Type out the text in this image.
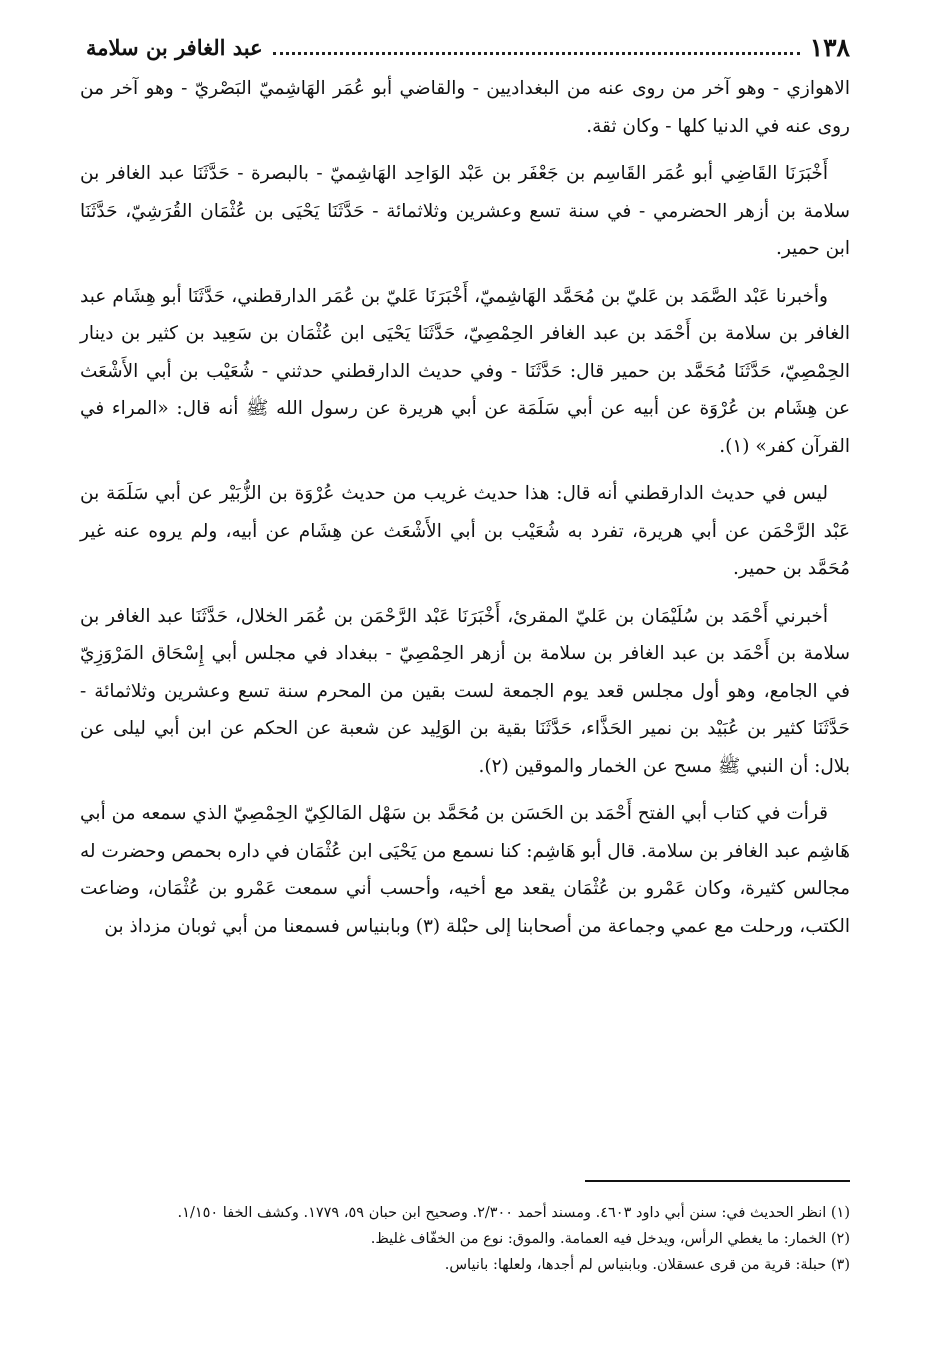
١٣٨
عبد الغافر بن سلامة

الاهوازي - وهو آخر من روى عنه من البغداديين - والقاضي أبو عُمَر الهَاشِميّ البَصْريّ - وهو آخر من روى عنه في الدنيا كلها - وكان ثقة.

أَخْبَرَنَا القَاضِي أبو عُمَر القَاسِم بن جَعْفَر بن عَبْد الوَاحِد الهَاشِميّ - بالبصرة - حَدَّثَنَا عبد الغافر بن سلامة بن أزهر الحضرمي - في سنة تسع وعشرين وثلاثمائة - حَدَّثَنَا يَحْيَى بن عُثْمَان القُرَشِيّ، حَدَّثَنَا ابن حمير.

وأخبرنا عَبْد الصَّمَد بن عَليّ بن مُحَمَّد الهَاشِميّ، أَخْبَرَنَا عَليّ بن عُمَر الدارقطني، حَدَّثَنَا أبو هِشَام عبد الغافر بن سلامة بن أَحْمَد بن عبد الغافر الحِمْصِيّ، حَدَّثَنَا يَحْيَى ابن عُثْمَان بن سَعِيد بن كثير بن دينار الحِمْصِيّ، حَدَّثَنَا مُحَمَّد بن حمير قال: حَدَّثَنَا - وفي حديث الدارقطني حدثني - شُعَيْب بن أبي الأَشْعَث عن هِشَام بن عُرْوَة عن أبيه عن أبي سَلَمَة عن أبي هريرة عن رسول الله ﷺ أنه قال: «المراء في القرآن كفر» (١).

ليس في حديث الدارقطني أنه قال: هذا حديث غريب من حديث عُرْوَة بن الزُّبَيْر عن أبي سَلَمَة بن عَبْد الرَّحْمَن عن أبي هريرة، تفرد به شُعَيْب بن أبي الأَشْعَث عن هِشَام عن أبيه، ولم يروه عنه غير مُحَمَّد بن حمير.

أخبرني أَحْمَد بن سُلَيْمَان بن عَليّ المقرئ، أَخْبَرَنَا عَبْد الرَّحْمَن بن عُمَر الخلال، حَدَّثَنَا عبد الغافر بن سلامة بن أَحْمَد بن عبد الغافر بن سلامة بن أزهر الحِمْصِيّ - ببغداد في مجلس أبي إِسْحَاق المَرْوَزِيّ في الجامع، وهو أول مجلس قعد يوم الجمعة لست بقين من المحرم سنة تسع وعشرين وثلاثمائة - حَدَّثَنَا كثير بن عُبَيْد بن نمير الحَذَّاء، حَدَّثَنَا بقية بن الوَلِيد عن شعبة عن الحكم عن ابن أبي ليلى عن بلال: أن النبي ﷺ مسح عن الخمار والموقين (٢).

قرأت في كتاب أبي الفتح أَحْمَد بن الحَسَن بن مُحَمَّد بن سَهْل المَالكِيّ الحِمْصِيّ الذي سمعه من أبي هَاشِم عبد الغافر بن سلامة. قال أبو هَاشِم: كنا نسمع من يَحْيَى ابن عُثْمَان في داره بحمص وحضرت له مجالس كثيرة، وكان عَمْرو بن عُثْمَان يقعد مع أخيه، وأحسب أني سمعت عَمْرو بن عُثْمَان، وضاعت الكتب، ورحلت مع عمي وجماعة من أصحابنا إلى حبْلة (٣) وبابنياس فسمعنا من أبي ثوبان مزداذ بن

(١) انظر الحديث في: سنن أبي داود ٤٦٠٣. ومسند أحمد ٢/٣٠٠. وصحيح ابن حبان ٥٩، ١٧٧٩. وكشف الخفا ١/١٥٠.

(٢) الخمار: ما يغطي الرأس، ويدخل فيه العمامة. والموق: نوع من الخفّاف غليظ.

(٣) حبلة: قرية من قرى عسقلان. وبابنياس لم أجدها، ولعلها: بانياس.
